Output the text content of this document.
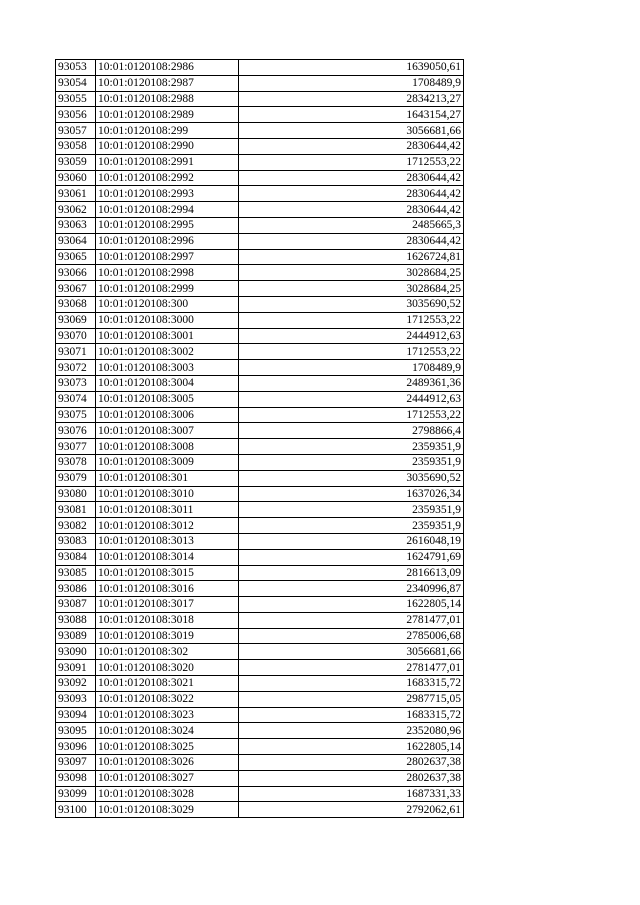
93053	10:01:0120108:2986	1639050,61
93054	10:01:0120108:2987	1708489,9
93055	10:01:0120108:2988	2834213,27
93056	10:01:0120108:2989	1643154,27
93057	10:01:0120108:299	3056681,66
93058	10:01:0120108:2990	2830644,42
93059	10:01:0120108:2991	1712553,22
93060	10:01:0120108:2992	2830644,42
93061	10:01:0120108:2993	2830644,42
93062	10:01:0120108:2994	2830644,42
93063	10:01:0120108:2995	2485665,3
93064	10:01:0120108:2996	2830644,42
93065	10:01:0120108:2997	1626724,81
93066	10:01:0120108:2998	3028684,25
93067	10:01:0120108:2999	3028684,25
93068	10:01:0120108:300	3035690,52
93069	10:01:0120108:3000	1712553,22
93070	10:01:0120108:3001	2444912,63
93071	10:01:0120108:3002	1712553,22
93072	10:01:0120108:3003	1708489,9
93073	10:01:0120108:3004	2489361,36
93074	10:01:0120108:3005	2444912,63
93075	10:01:0120108:3006	1712553,22
93076	10:01:0120108:3007	2798866,4
93077	10:01:0120108:3008	2359351,9
93078	10:01:0120108:3009	2359351,9
93079	10:01:0120108:301	3035690,52
93080	10:01:0120108:3010	1637026,34
93081	10:01:0120108:3011	2359351,9
93082	10:01:0120108:3012	2359351,9
93083	10:01:0120108:3013	2616048,19
93084	10:01:0120108:3014	1624791,69
93085	10:01:0120108:3015	2816613,09
93086	10:01:0120108:3016	2340996,87
93087	10:01:0120108:3017	1622805,14
93088	10:01:0120108:3018	2781477,01
93089	10:01:0120108:3019	2785006,68
93090	10:01:0120108:302	3056681,66
93091	10:01:0120108:3020	2781477,01
93092	10:01:0120108:3021	1683315,72
93093	10:01:0120108:3022	2987715,05
93094	10:01:0120108:3023	1683315,72
93095	10:01:0120108:3024	2352080,96
93096	10:01:0120108:3025	1622805,14
93097	10:01:0120108:3026	2802637,38
93098	10:01:0120108:3027	2802637,38
93099	10:01:0120108:3028	1687331,33
93100	10:01:0120108:3029	2792062,61
